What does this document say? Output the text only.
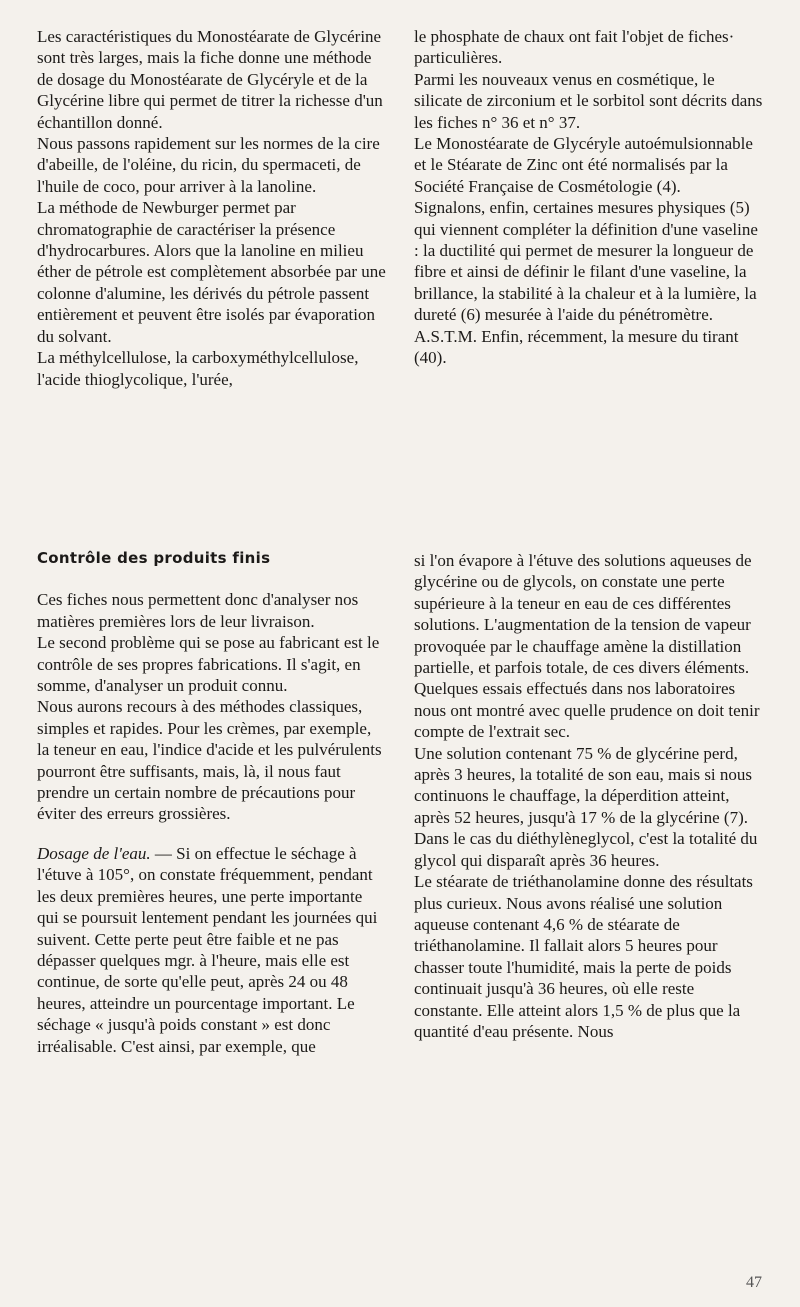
Les caractéristiques du Monostéarate de Glycérine sont très larges, mais la fiche donne une méthode de dosage du Monostéarate de Glycéryle et de la Glycérine libre qui permet de titrer la richesse d'un échantillon donné.

Nous passons rapidement sur les normes de la cire d'abeille, de l'oléine, du ricin, du spermaceti, de l'huile de coco, pour arriver à la lanoline.

La méthode de Newburger permet par chromatographie de caractériser la présence d'hydrocarbures. Alors que la lanoline en milieu éther de pétrole est complètement absorbée par une colonne d'alumine, les dérivés du pétrole passent entièrement et peuvent être isolés par évaporation du solvant.

La méthylcellulose, la carboxyméthylcellulose, l'acide thioglycolique, l'urée,

le phosphate de chaux ont fait l'objet de fiches· particulières.

Parmi les nouveaux venus en cosmétique, le silicate de zirconium et le sorbitol sont décrits dans les fiches n° 36 et n° 37.

Le Monostéarate de Glycéryle autoémulsionnable et le Stéarate de Zinc ont été normalisés par la Société Française de Cosmétologie (4).

Signalons, enfin, certaines mesures physiques (5) qui viennent compléter la définition d'une vaseline : la ductilité qui permet de mesurer la longueur de fibre et ainsi de définir le filant d'une vaseline, la brillance, la stabilité à la chaleur et à la lumière, la dureté (6) mesurée à l'aide du pénétromètre. A.S.T.M. Enfin, récemment, la mesure du tirant (40).

Contrôle des produits finis

Ces fiches nous permettent donc d'analyser nos matières premières lors de leur livraison.

Le second problème qui se pose au fabricant est le contrôle de ses propres fabrications. Il s'agit, en somme, d'analyser un produit connu.

Nous aurons recours à des méthodes classiques, simples et rapides. Pour les crèmes, par exemple, la teneur en eau, l'indice d'acide et les pulvérulents pourront être suffisants, mais, là, il nous faut prendre un certain nombre de précautions pour éviter des erreurs grossières.

Dosage de l'eau. — Si on effectue le séchage à l'étuve à 105°, on constate fréquemment, pendant les deux premières heures, une perte importante qui se poursuit lentement pendant les journées qui suivent. Cette perte peut être faible et ne pas dépasser quelques mgr. à l'heure, mais elle est continue, de sorte qu'elle peut, après 24 ou 48 heures, atteindre un pourcentage important. Le séchage « jusqu'à poids constant » est donc irréalisable. C'est ainsi, par exemple, que

si l'on évapore à l'étuve des solutions aqueuses de glycérine ou de glycols, on constate une perte supérieure à la teneur en eau de ces différentes solutions. L'augmentation de la tension de vapeur provoquée par le chauffage amène la distillation partielle, et parfois totale, de ces divers éléments.

Quelques essais effectués dans nos laboratoires nous ont montré avec quelle prudence on doit tenir compte de l'extrait sec.

Une solution contenant 75 % de glycérine perd, après 3 heures, la totalité de son eau, mais si nous continuons le chauffage, la déperdition atteint, après 52 heures, jusqu'à 17 % de la glycérine (7). Dans le cas du diéthylèneglycol, c'est la totalité du glycol qui disparaît après 36 heures.

Le stéarate de triéthanolamine donne des résultats plus curieux. Nous avons réalisé une solution aqueuse contenant 4,6 % de stéarate de triéthanolamine. Il fallait alors 5 heures pour chasser toute l'humidité, mais la perte de poids continuait jusqu'à 36 heures, où elle reste constante. Elle atteint alors 1,5 % de plus que la quantité d'eau présente. Nous

47
